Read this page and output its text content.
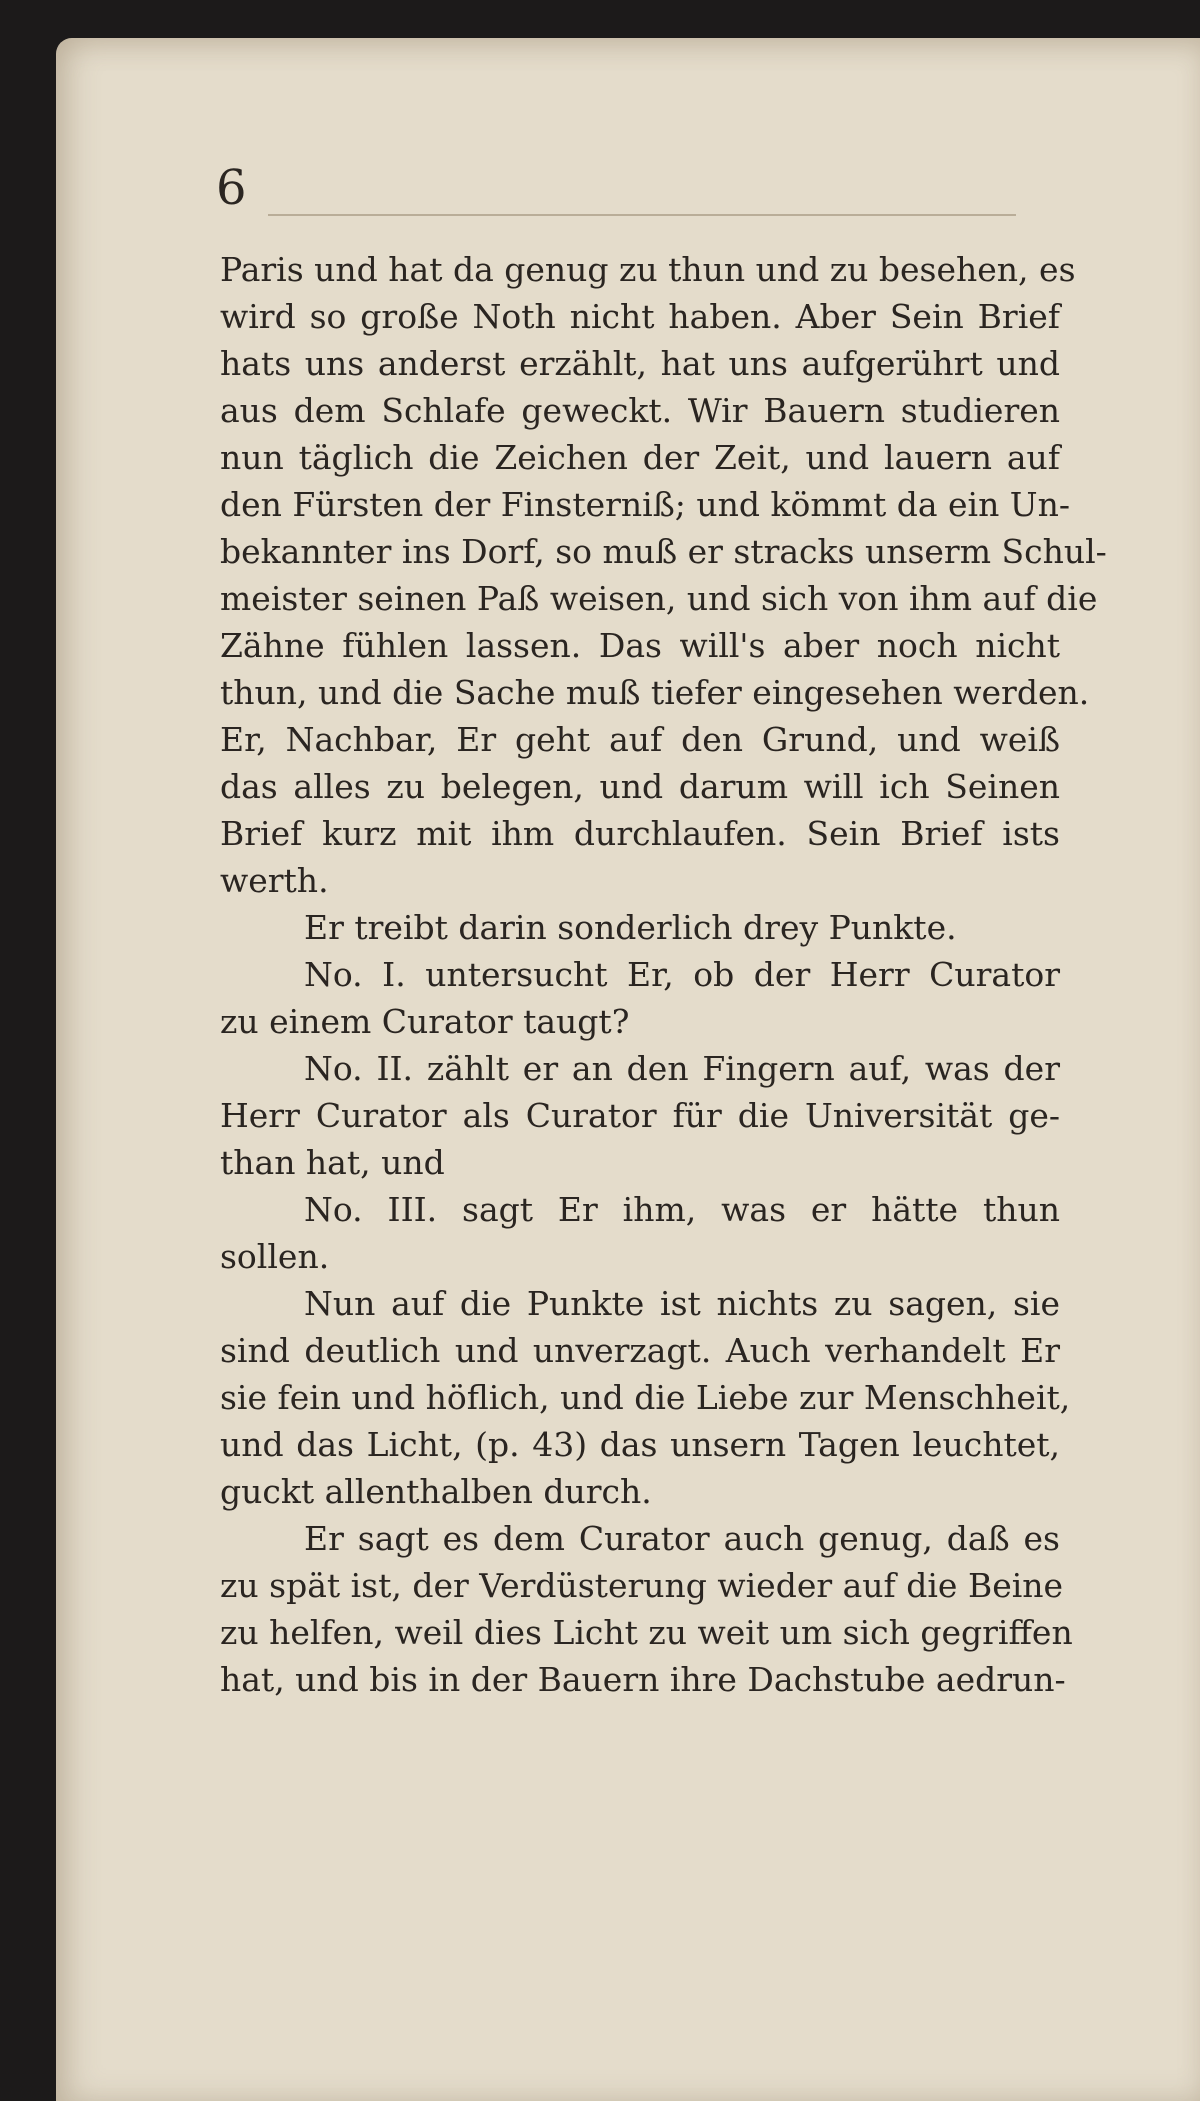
6
Paris und hat da genug zu thun und zu besehen, es
wird so große Noth nicht haben. Aber Sein Brief
hats uns anderst erzählt, hat uns aufgerührt und
aus dem Schlafe geweckt. Wir Bauern studieren
nun täglich die Zeichen der Zeit, und lauern auf
den Fürsten der Finsterniß; und kömmt da ein Un-
bekannter ins Dorf, so muß er stracks unserm Schul-
meister seinen Paß weisen, und sich von ihm auf die
Zähne fühlen lassen. Das will's aber noch nicht
thun, und die Sache muß tiefer eingesehen werden.
Er, Nachbar, Er geht auf den Grund, und weiß
das alles zu belegen, und darum will ich Seinen
Brief kurz mit ihm durchlaufen. Sein Brief ists
werth.
Er treibt darin sonderlich drey Punkte.
No. I. untersucht Er, ob der Herr Curator
zu einem Curator taugt?
No. II. zählt er an den Fingern auf, was der
Herr Curator als Curator für die Universität ge-
than hat, und
No. III. sagt Er ihm, was er hätte thun
sollen.
Nun auf die Punkte ist nichts zu sagen, sie
sind deutlich und unverzagt. Auch verhandelt Er
sie fein und höflich, und die Liebe zur Menschheit,
und das Licht, (p. 43) das unsern Tagen leuchtet,
guckt allenthalben durch.
Er sagt es dem Curator auch genug, daß es
zu spät ist, der Verdüsterung wieder auf die Beine
zu helfen, weil dies Licht zu weit um sich gegriffen
hat, und bis in der Bauern ihre Dachstube aedrun-
